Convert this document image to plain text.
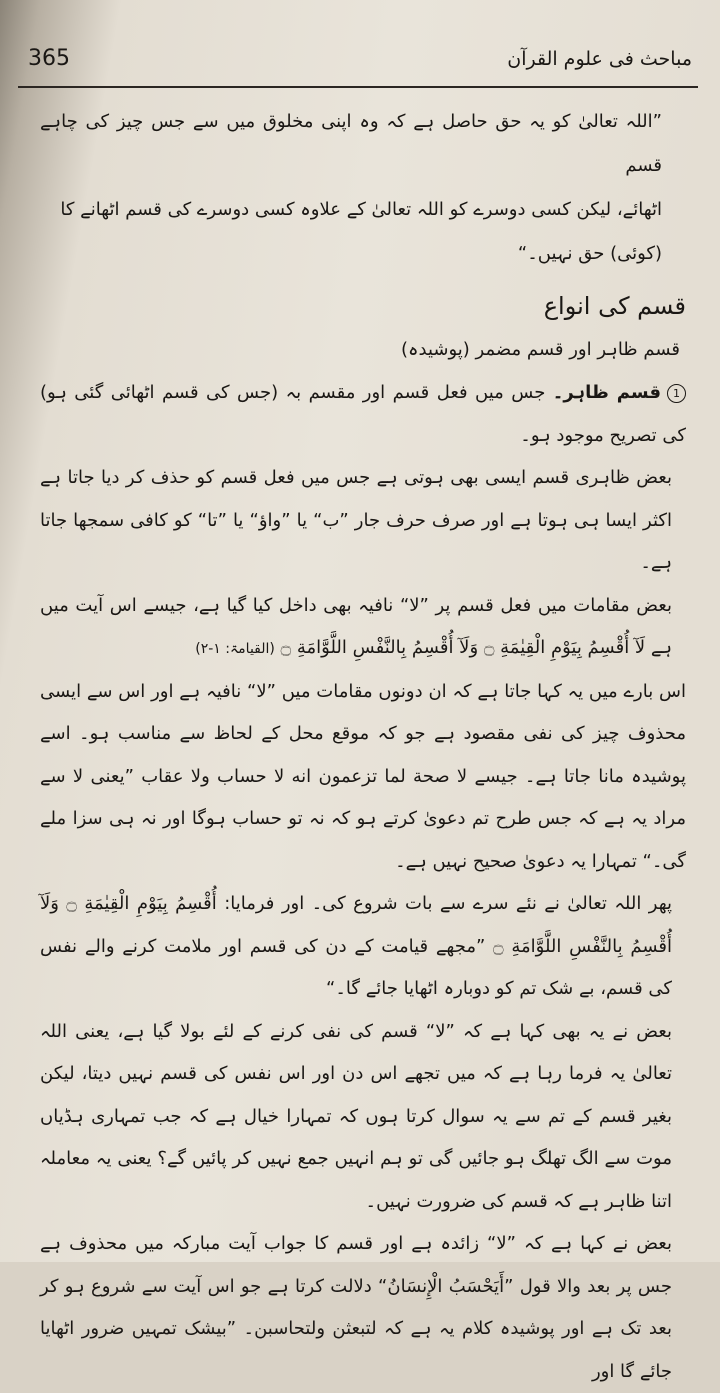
365	مباحث فی علوم القرآن

”اللہ تعالیٰ کو یہ حق حاصل ہے کہ وہ اپنی مخلوق میں سے جس چیز کی چاہے قسم

اٹھائے، لیکن کسی دوسرے کو اللہ تعالیٰ کے علاوہ کسی دوسرے کی قسم اٹھانے کا

(کوئی) حق نہیں۔“

قسم کی انواع

قسم ظاہر اور قسم مضمر (پوشیدہ)

1قسم ظاہر۔ جس میں فعل قسم اور مقسم بہ (جس کی قسم اٹھائی گئی ہو) کی تصریح موجود ہو۔

بعض ظاہری قسم ایسی بھی ہوتی ہے جس میں فعل قسم کو حذف کر دیا جاتا ہے اکثر ایسا ہی ہوتا ہے اور صرف حرف جار ”ب“ یا ”واؤ“ یا ”تا“ کو کافی سمجھا جاتا ہے۔

بعض مقامات میں فعل قسم پر ”لا“ نافیہ بھی داخل کیا گیا ہے، جیسے اس آیت میں ہے لَآ أُقْسِمُ بِيَوْمِ الْقِيٰمَةِ ۝ وَلَآ أُقْسِمُ بِالنَّفْسِ اللَّوَّامَةِ ۝ (القیامۃ: ۱-۲)

اس بارے میں یہ کہا جاتا ہے کہ ان دونوں مقامات میں ”لا“ نافیہ ہے اور اس سے ایسی محذوف چیز کی نفی مقصود ہے جو کہ موقع محل کے لحاظ سے مناسب ہو۔ اسے پوشیدہ مانا جاتا ہے۔ جیسے لا صحة لما تزعمون انه لا حساب ولا عقاب ”یعنی لا سے مراد یہ ہے کہ جس طرح تم دعویٰ کرتے ہو کہ نہ تو حساب ہوگا اور نہ ہی سزا ملے گی۔“ تمہارا یہ دعویٰ صحیح نہیں ہے۔

پھر اللہ تعالیٰ نے نئے سرے سے بات شروع کی۔ اور فرمایا: أُقْسِمُ بِيَوْمِ الْقِيٰمَةِ ۝ وَلَآ أُقْسِمُ بِالنَّفْسِ اللَّوَّامَةِ ۝ ”مجھے قیامت کے دن کی قسم اور ملامت کرنے والے نفس کی قسم، بے شک تم کو دوبارہ اٹھایا جائے گا۔“

بعض نے یہ بھی کہا ہے کہ ”لا“ قسم کی نفی کرنے کے لئے بولا گیا ہے، یعنی اللہ تعالیٰ یہ فرما رہا ہے کہ میں تجھے اس دن اور اس نفس کی قسم نہیں دیتا، لیکن بغیر قسم کے تم سے یہ سوال کرتا ہوں کہ تمہارا خیال ہے کہ جب تمہاری ہڈیاں موت سے الگ تھلگ ہو جائیں گی تو ہم انہیں جمع نہیں کر پائیں گے؟ یعنی یہ معاملہ اتنا ظاہر ہے کہ قسم کی ضرورت نہیں۔

بعض نے کہا ہے کہ ”لا“ زائدہ ہے اور قسم کا جواب آیت مبارکہ میں محذوف ہے جس پر بعد والا قول ”أَيَحْسَبُ الْإِنسَانُ“ دلالت کرتا ہے جو اس آیت سے شروع ہو کر بعد تک ہے اور پوشیدہ کلام یہ ہے کہ لتبعثن ولتحاسبن۔ ”بیشک تمہیں ضرور اٹھایا جائے گا اور
